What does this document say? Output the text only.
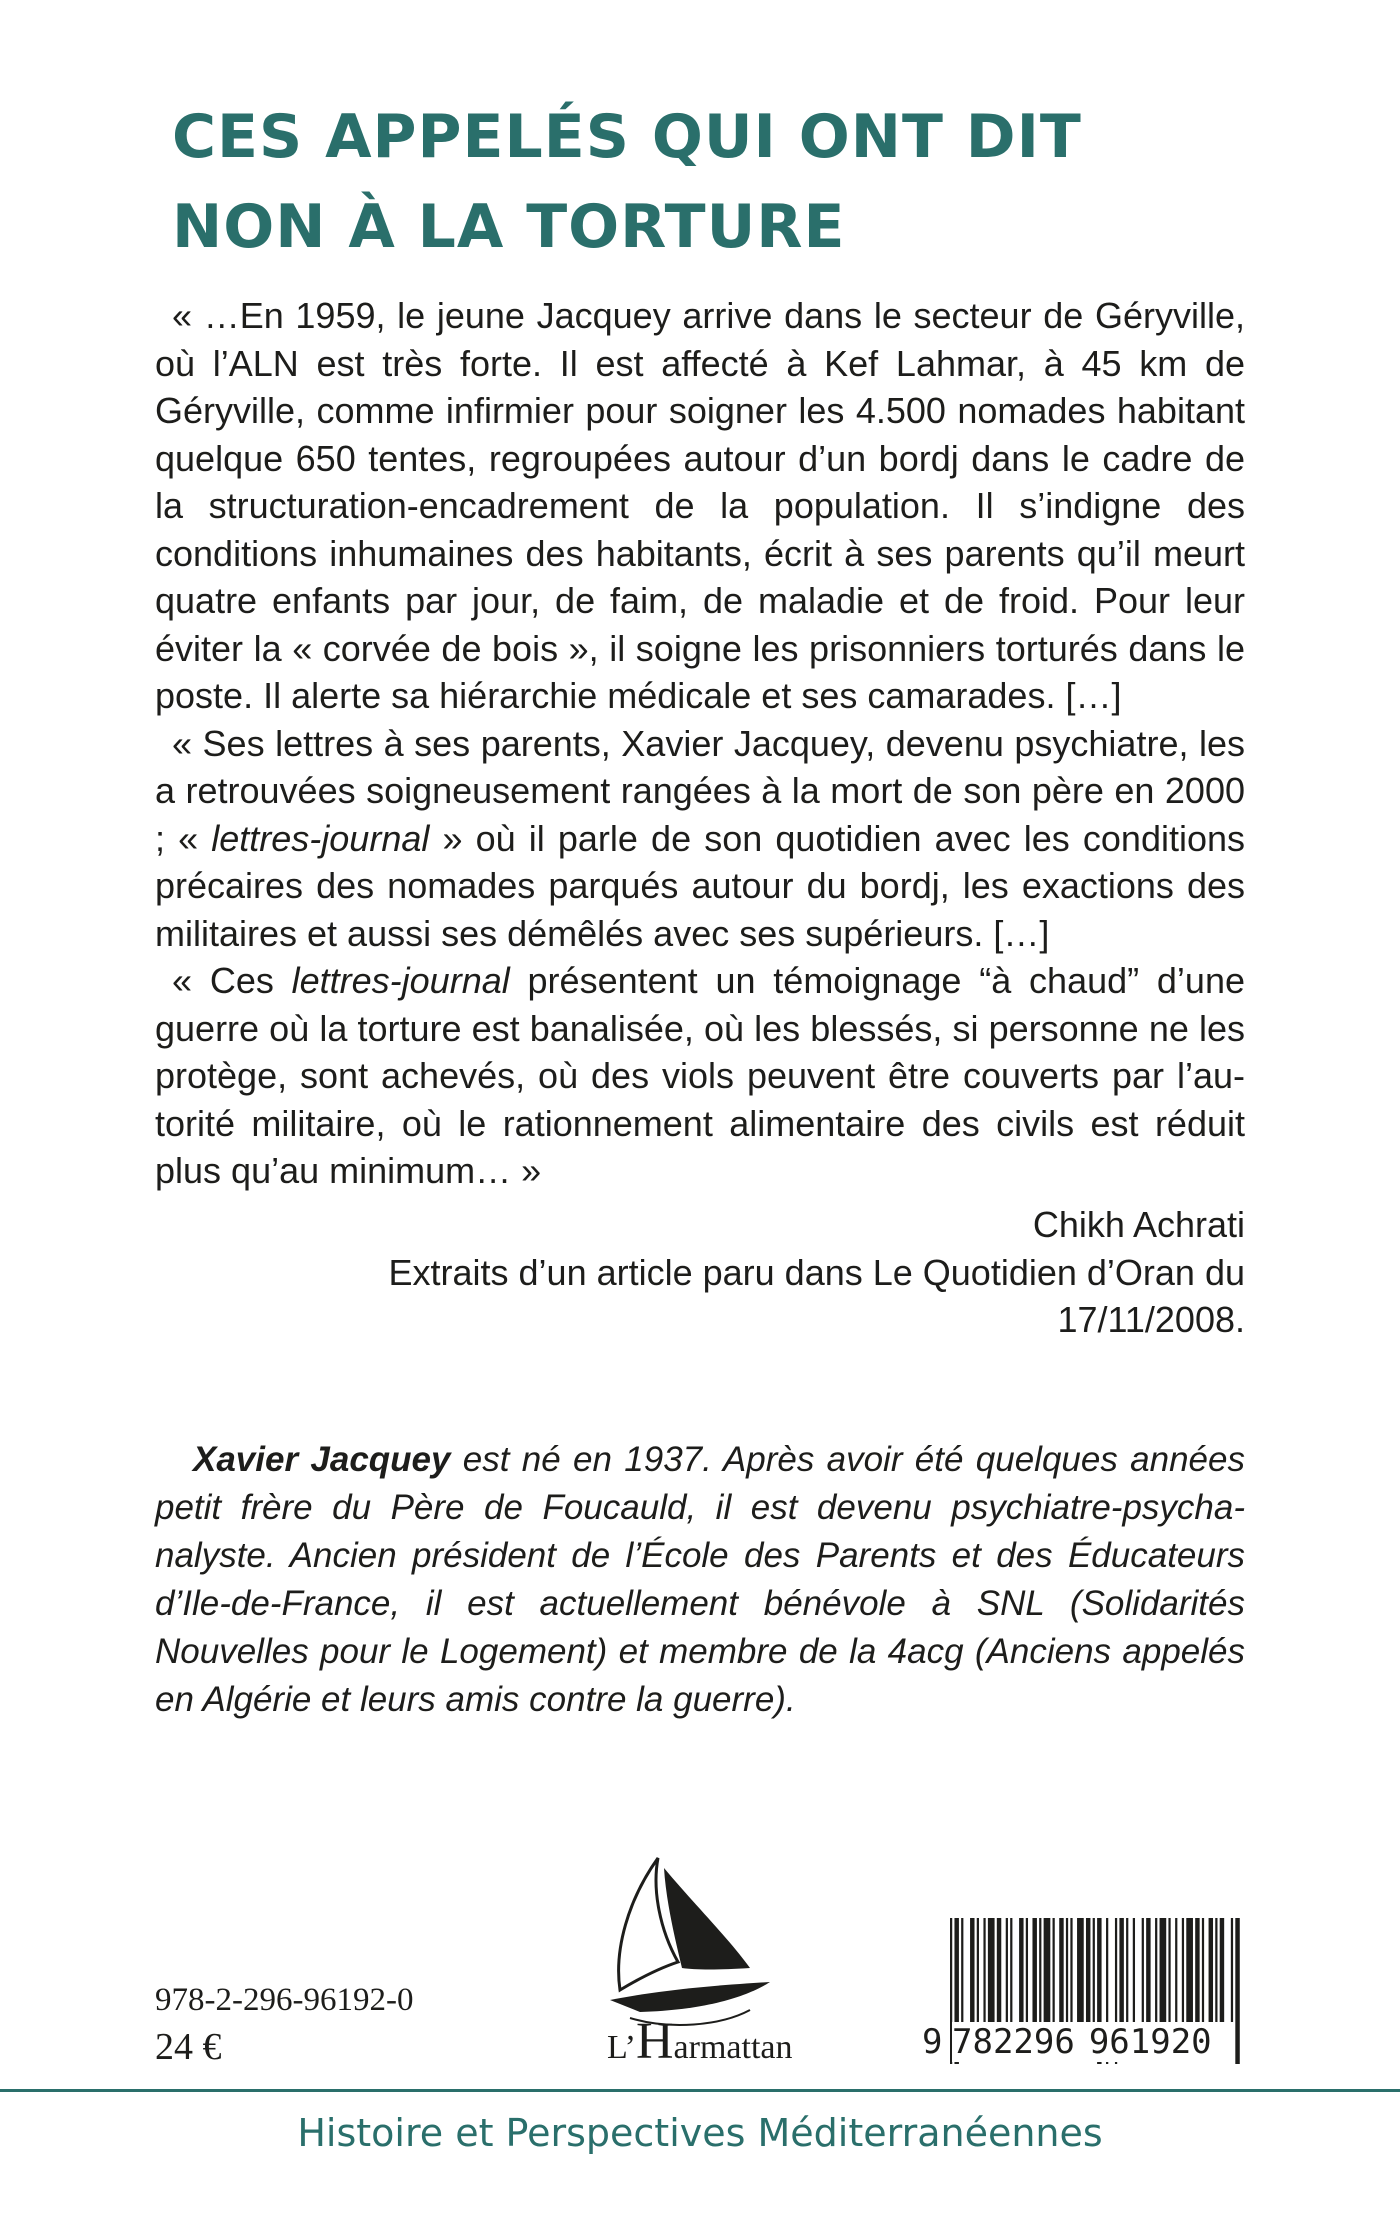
CES APPELÉS QUI ONT DIT
NON À LA TORTURE

« …En 1959, le jeune Jacquey arrive dans le secteur de Géryville, où l’ALN est très forte. Il est affecté à Kef Lahmar, à 45 km de Géryville, comme infirmier pour soigner les 4.500 nomades habitant quelque 650 tentes, regroupées autour d’un bordj dans le cadre de la structuration-encadrement de la population. Il s’indigne des conditions inhumaines des habitants, écrit à ses parents qu’il meurt quatre enfants par jour, de faim, de maladie et de froid. Pour leur éviter la « corvée de bois », il soigne les prisonniers torturés dans le poste. Il alerte sa hiérarchie médicale et ses camarades. […]

« Ses lettres à ses parents, Xavier Jacquey, devenu psychiatre, les a retrouvées soigneusement rangées à la mort de son père en 2000 ; « lettres-journal » où il parle de son quotidien avec les conditions précaires des nomades parqués autour du bordj, les exactions des militaires et aussi ses démêlés avec ses supérieurs. […]

« Ces lettres-journal présentent un témoignage “à chaud” d’une guerre où la torture est banalisée, où les blessés, si personne ne les protège, sont achevés, où des viols peuvent être couverts par l’autorité militaire, où le rationnement alimentaire des civils est réduit plus qu’au minimum… »

Chikh Achrati
Extraits d’un article paru dans Le Quotidien d’Oran du
17/11/2008.

Xavier Jacquey est né en 1937. Après avoir été quelques années petit frère du Père de Foucauld, il est devenu psychiatre-psychanalyste. Ancien président de l’École des Parents et des Éducateurs d’Ile-de-France, il est actuellement bénévole à SNL (Solidarités Nouvelles pour le Logement) et membre de la 4acg (Anciens appelés en Algérie et leurs amis contre la guerre).

978-2-296-96192-0
24 €	L’Harmattan	9 782296 961920
Histoire et Perspectives Méditerranéennes
